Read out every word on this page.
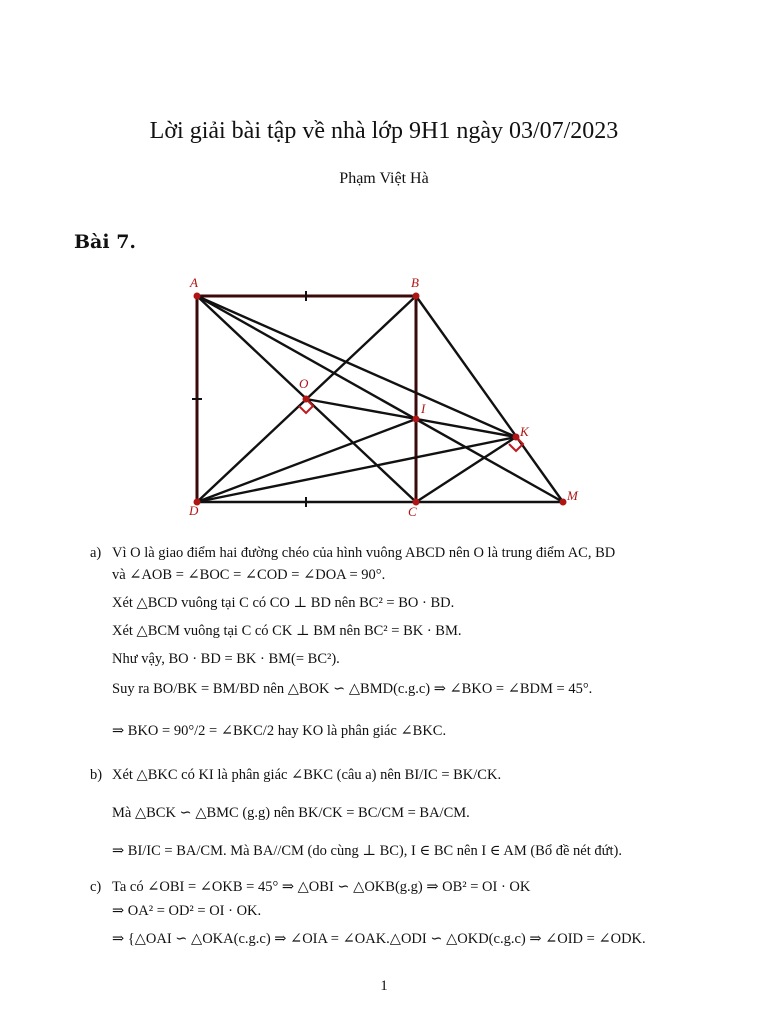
Lời giải bài tập về nhà lớp 9H1 ngày 03/07/2023
Phạm Việt Hà
Bài 7.
A	B
O
I
K
D	C
M
a) Vì O là giao điểm hai đường chéo của hình vuông ABCD nên O là trung điểm AC, BD
và ∠AOB = ∠BOC = ∠COD = ∠DOA = 90°.
Xét △BCD vuông tại C có CO ⊥ BD nên BC² = BO · BD.
Xét △BCM vuông tại C có CK ⊥ BM nên BC² = BK · BM.
Như vậy, BO · BD = BK · BM(= BC²).
Suy ra BO/BK = BM/BD nên △BOK ∽ △BMD(c.g.c) ⇒ ∠BKO = ∠BDM = 45°.
⇒ BKO = 90°/2 = ∠BKC/2 hay KO là phân giác ∠BKC.
b) Xét △BKC có KI là phân giác ∠BKC (câu a) nên BI/IC = BK/CK.
Mà △BCK ∽ △BMC (g.g) nên BK/CK = BC/CM = BA/CM.
⇒ BI/IC = BA/CM. Mà BA//CM (do cùng ⊥ BC), I ∈ BC nên I ∈ AM (Bổ đề nét đứt).
c) Ta có ∠OBI = ∠OKB = 45° ⇒ △OBI ∽ △OKB(g.g) ⇒ OB² = OI · OK
⇒ OA² = OD² = OI · OK.
⇒ {△OAI ∽ △OKA(c.g.c) ⇒ ∠OIA = ∠OAK.△ODI ∽ △OKD(c.g.c) ⇒ ∠OID = ∠ODK.
1
